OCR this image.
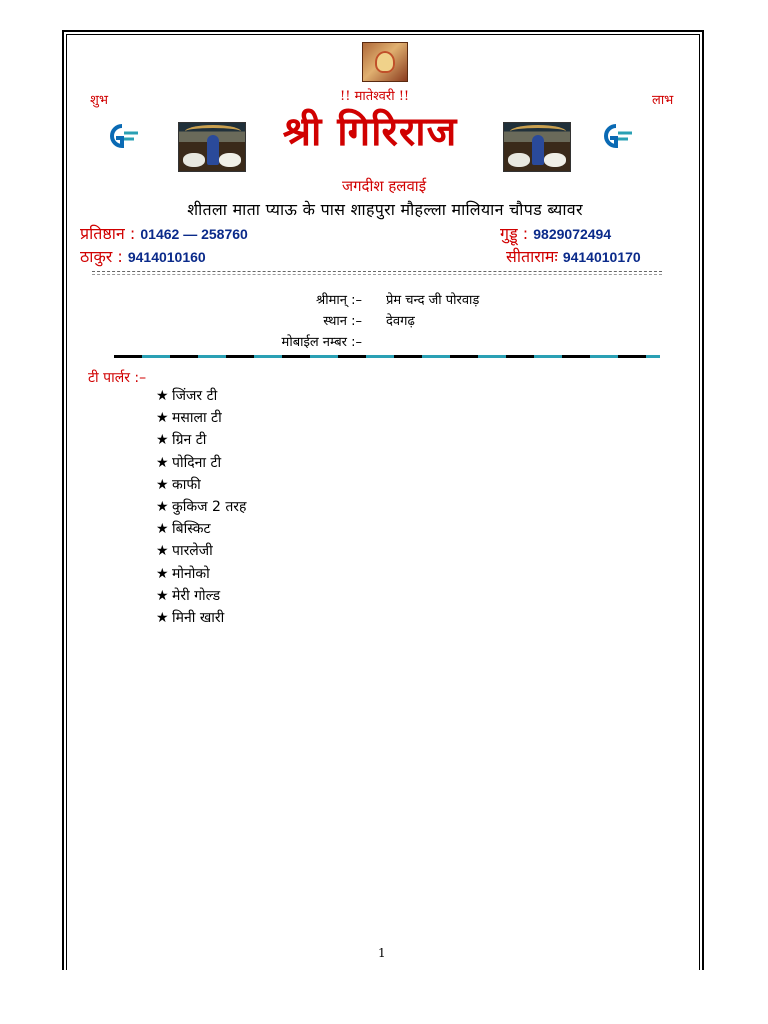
शुभ	!! मातेश्वरी !!	लाभ
श्री गिरिराज
जगदीश हलवाई
शीतला माता प्याऊ के पास शाहपुरा मौहल्ला मालियान चौपड ब्यावर
प्रतिष्ठान : 01462 — 258760	गुड्डू : 9829072494
ठाकुर : 9414010160	सीतारामः 9414010170
श्रीमान् :– प्रेम चन्द जी पोरवाड़
स्थान :– देवगढ़
मोबाईल नम्बर :–
टी पार्लर :–
★ जिंजर टी
★ मसाला टी
★ ग्रिन टी
★ पोदिना टी
★ काफी
★ कुकिज 2 तरह
★ बिस्किट
★ पारलेजी
★ मोनोको
★ मेरी गोल्ड
★ मिनी खारी
1
